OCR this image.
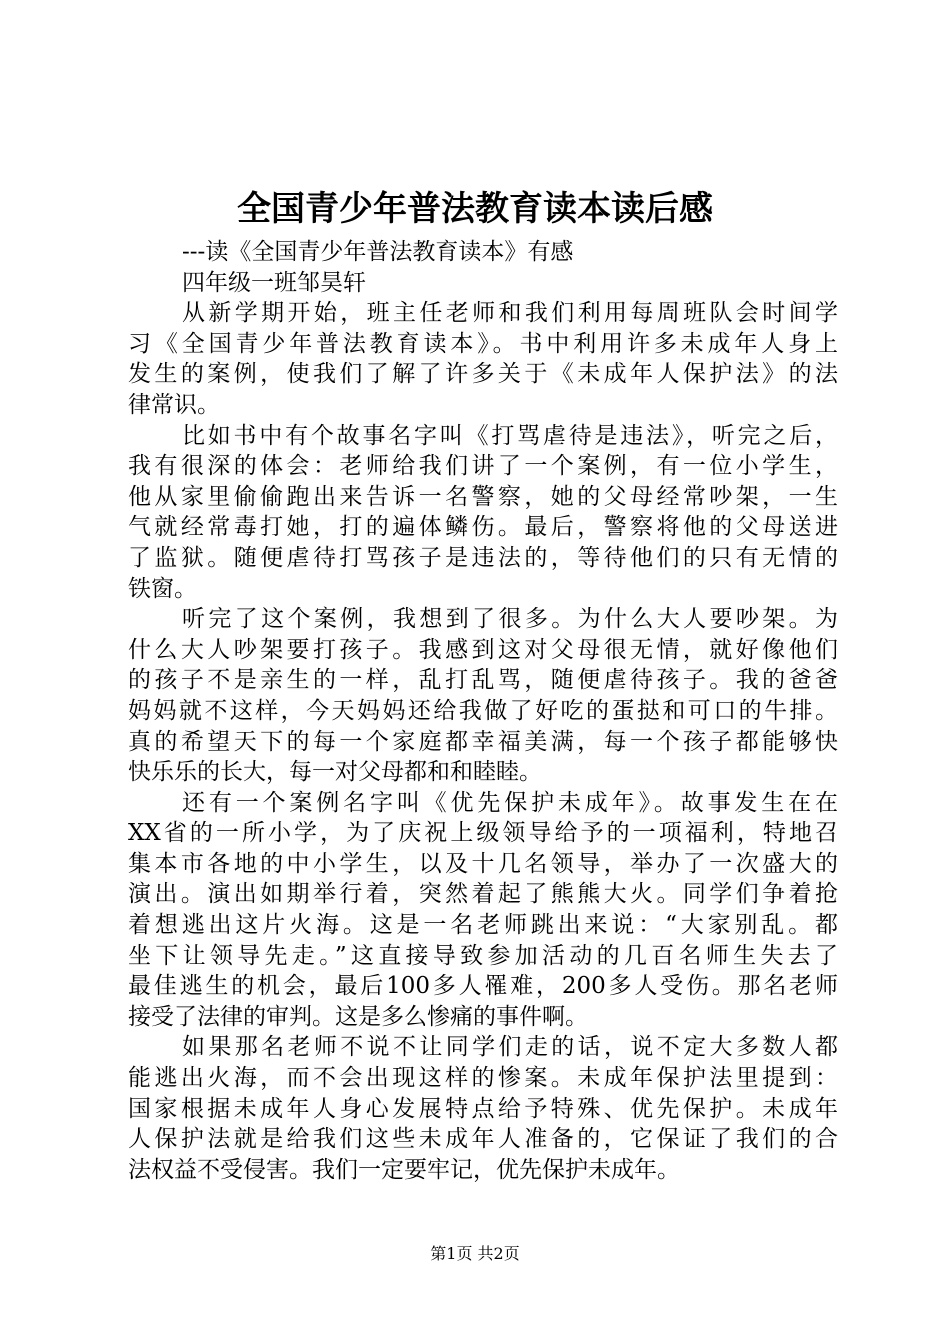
全国青少年普法教育读本读后感
---读《全国青少年普法教育读本》有感
四年级一班邹昊轩
从新学期开始，班主任老师和我们利用每周班队会时间学
习《全国青少年普法教育读本》。书中利用许多未成年人身上
发生的案例，使我们了解了许多关于《未成年人保护法》的法
律常识。
比如书中有个故事名字叫《打骂虐待是违法》，听完之后，
我有很深的体会：老师给我们讲了一个案例，有一位小学生，
他从家里偷偷跑出来告诉一名警察，她的父母经常吵架，一生
气就经常毒打她，打的遍体鳞伤。最后，警察将他的父母送进
了监狱。随便虐待打骂孩子是违法的，等待他们的只有无情的
铁窗。
听完了这个案例，我想到了很多。为什么大人要吵架。为
什么大人吵架要打孩子。我感到这对父母很无情，就好像他们
的孩子不是亲生的一样，乱打乱骂，随便虐待孩子。我的爸爸
妈妈就不这样，今天妈妈还给我做了好吃的蛋挞和可口的牛排。
真的希望天下的每一个家庭都幸福美满，每一个孩子都能够快
快乐乐的长大，每一对父母都和和睦睦。
还有一个案例名字叫《优先保护未成年》。故事发生在在
XX省的一所小学，为了庆祝上级领导给予的一项福利，特地召
集本市各地的中小学生，以及十几名领导，举办了一次盛大的
演出。演出如期举行着，突然着起了熊熊大火。同学们争着抢
着想逃出这片火海。这是一名老师跳出来说：“大家别乱。都
坐下让领导先走。”这直接导致参加活动的几百名师生失去了
最佳逃生的机会，最后100多人罹难，200多人受伤。那名老师
接受了法律的审判。这是多么惨痛的事件啊。
如果那名老师不说不让同学们走的话，说不定大多数人都
能逃出火海，而不会出现这样的惨案。未成年保护法里提到：
国家根据未成年人身心发展特点给予特殊、优先保护。未成年
人保护法就是给我们这些未成年人准备的，它保证了我们的合
法权益不受侵害。我们一定要牢记，优先保护未成年。
第1页 共2页
